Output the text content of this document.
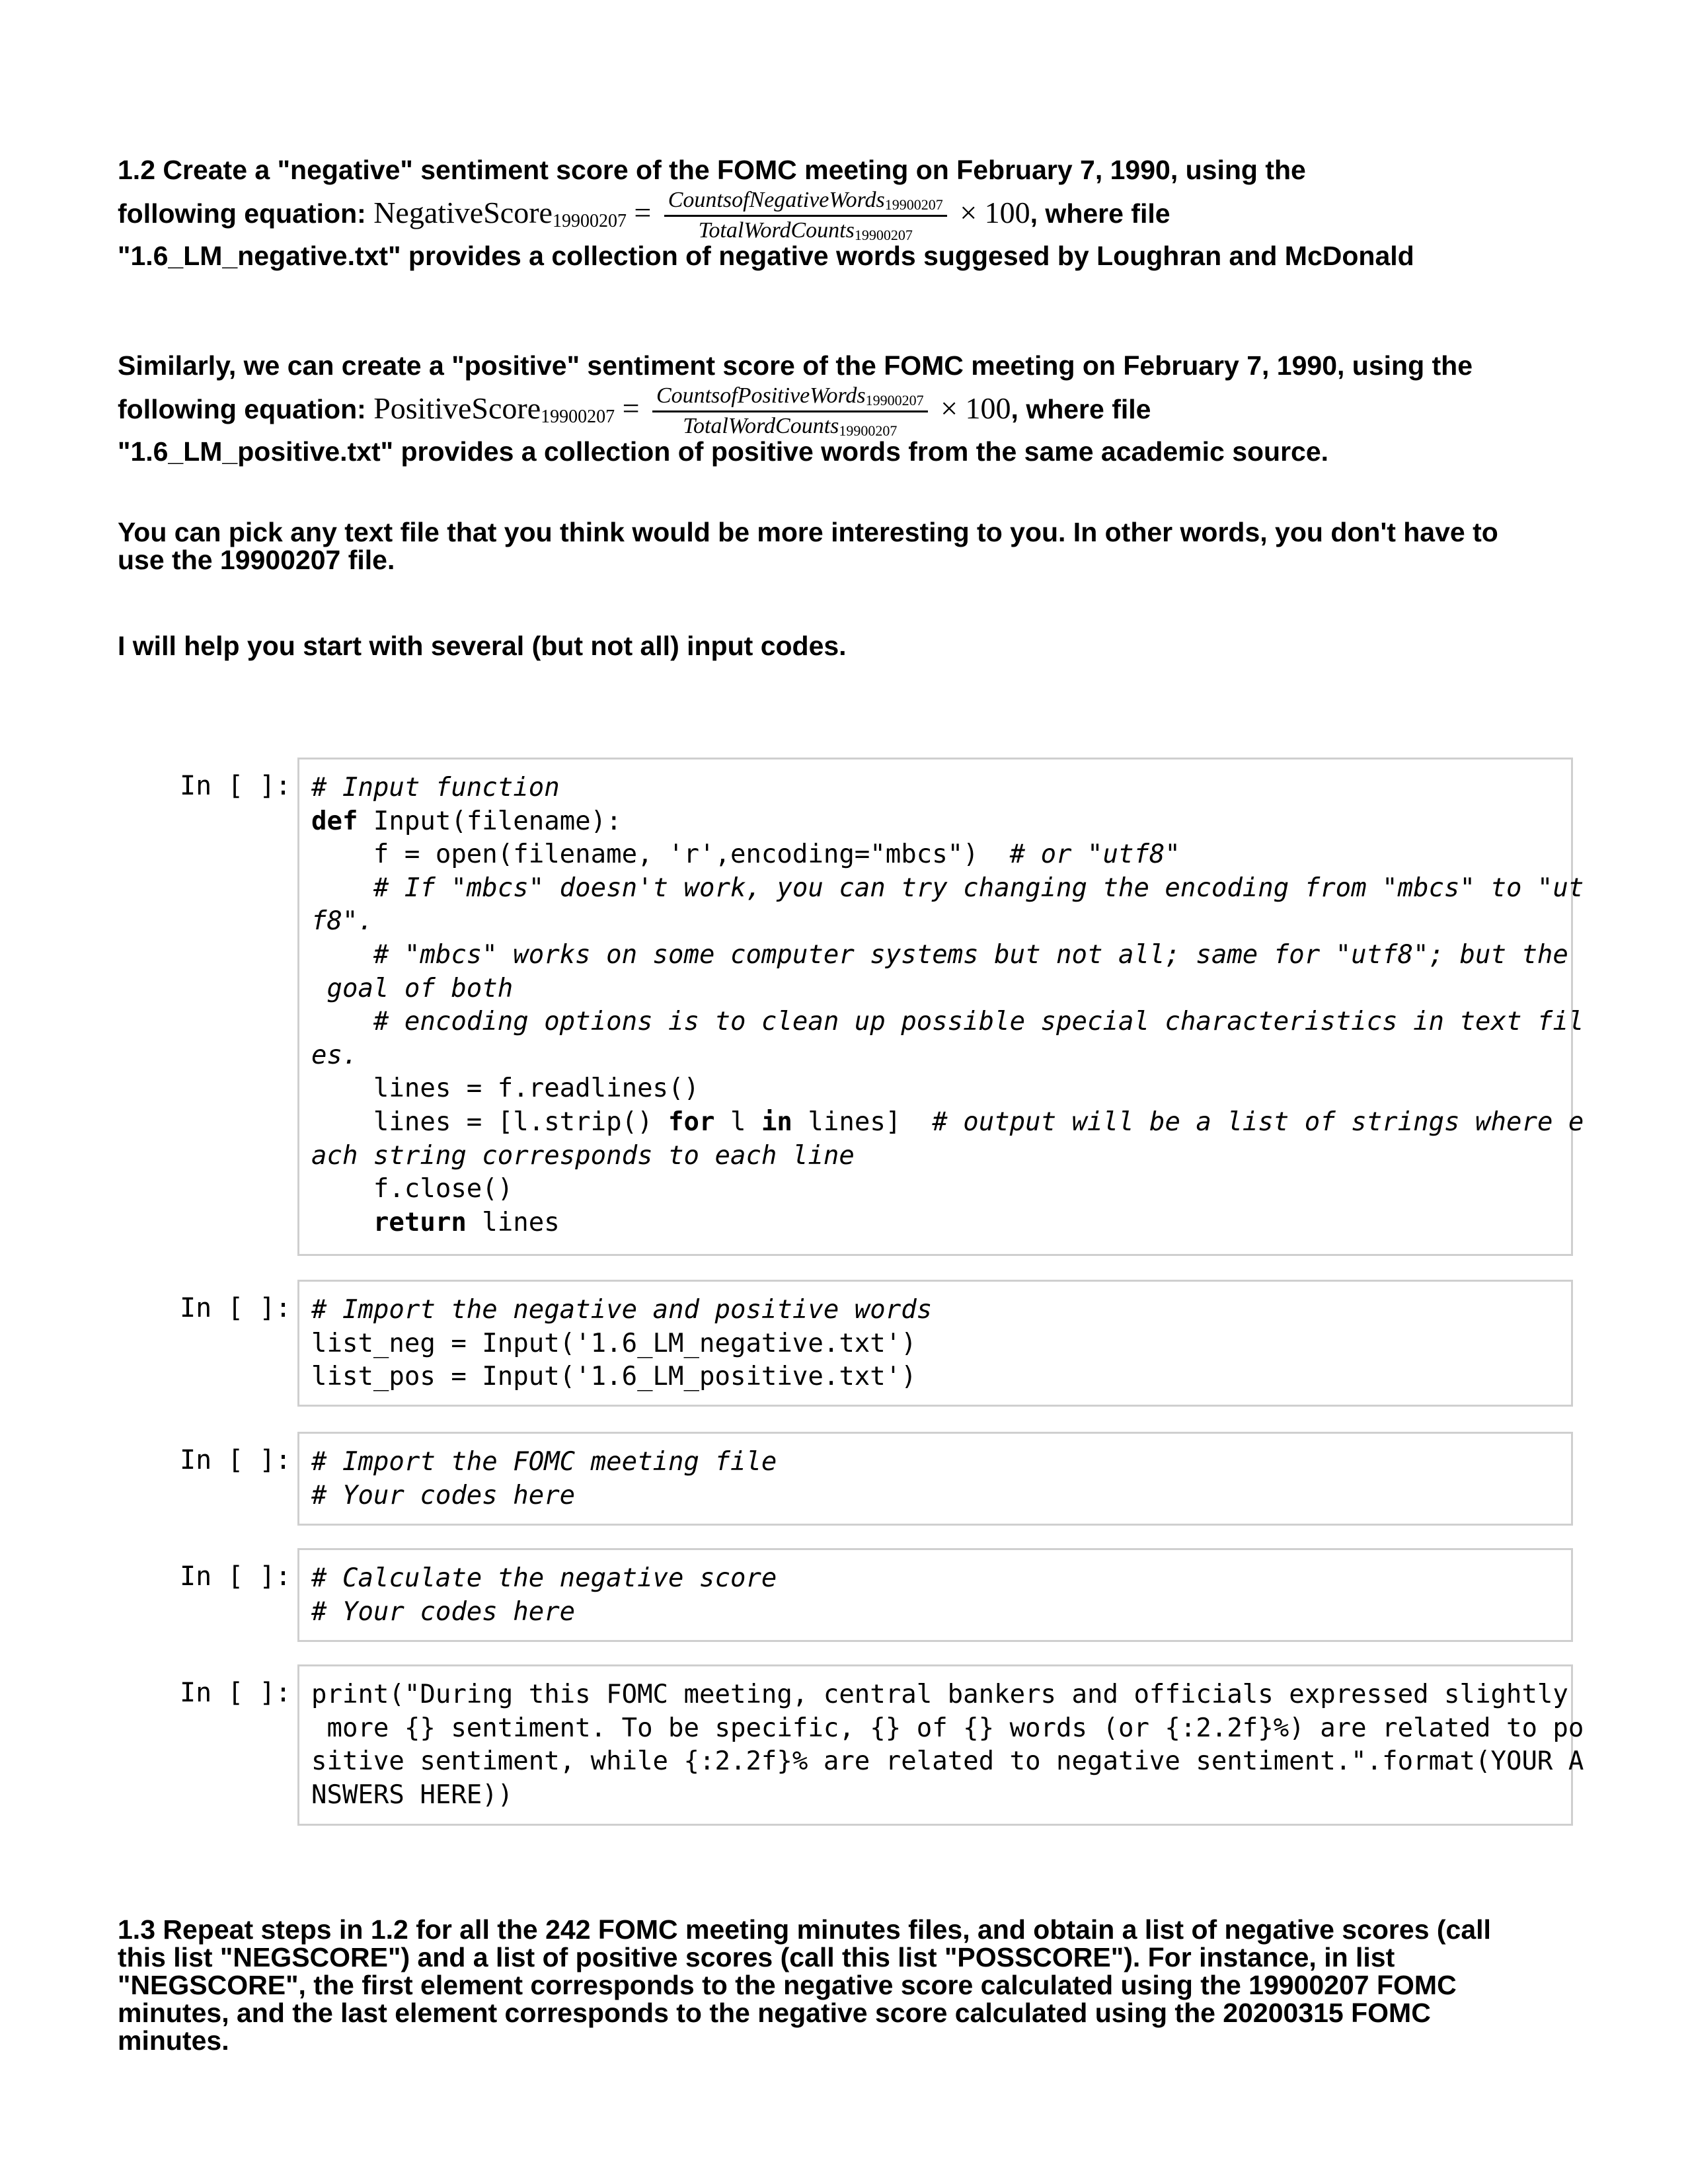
1.2 Create a "negative" sentiment score of the FOMC meeting on February 7, 1990, using the
following equation: NegativeScore$_{19900207}$ = $\frac{CountsofNegativeWords_{19900207}}{TotalWordCounts_{19900207}} \times 100$, where file
"1.6_LM_negative.txt" provides a collection of negative words suggesed by Loughran and McDonald
Similarly, we can create a "positive" sentiment score of the FOMC meeting on February 7, 1990, using the
following equation: PositiveScore$_{19900207}$ = $\frac{CountsofPositiveWords_{19900207}}{TotalWordCounts_{19900207}} \times 100$, where file
"1.6_LM_positive.txt" provides a collection of positive words from the same academic source.
You can pick any text file that you think would be more interesting to you. In other words, you don't have to
use the 19900207 file.
I will help you start with several (but not all) input codes.
In [ ]: # Input function
def Input(filename):
f = open(filename, 'r',encoding="mbcs")  # or "utf8"
# If "mbcs" doesn't work, you can try changing the encoding from "mbcs" to "ut
f8".
# "mbcs" works on some computer systems but not all; same for "utf8"; but the
goal of both
# encoding options is to clean up possible special characteristics in text fil
es.
lines = f.readlines()
lines = [l.strip() for l in lines]  # output will be a list of strings where e
ach string corresponds to each line
f.close()
return lines
In [ ]: # Import the negative and positive words
list_neg = Input('1.6_LM_negative.txt')
list_pos = Input('1.6_LM_positive.txt')
In [ ]: # Import the FOMC meeting file
# Your codes here
In [ ]: # Calculate the negative score
# Your codes here
In [ ]: print("During this FOMC meeting, central bankers and officials expressed slightly
more {} sentiment. To be specific, {} of {} words (or {:2.2f}%) are related to po
sitive sentiment, while {:2.2f}% are related to negative sentiment.".format(YOUR A
NSWERS HERE))
1.3 Repeat steps in 1.2 for all the 242 FOMC meeting minutes files, and obtain a list of negative scores (call
this list "NEGSCORE") and a list of positive scores (call this list "POSSCORE"). For instance, in list
"NEGSCORE", the first element corresponds to the negative score calculated using the 19900207 FOMC
minutes, and the last element corresponds to the negative score calculated using the 20200315 FOMC
minutes.
